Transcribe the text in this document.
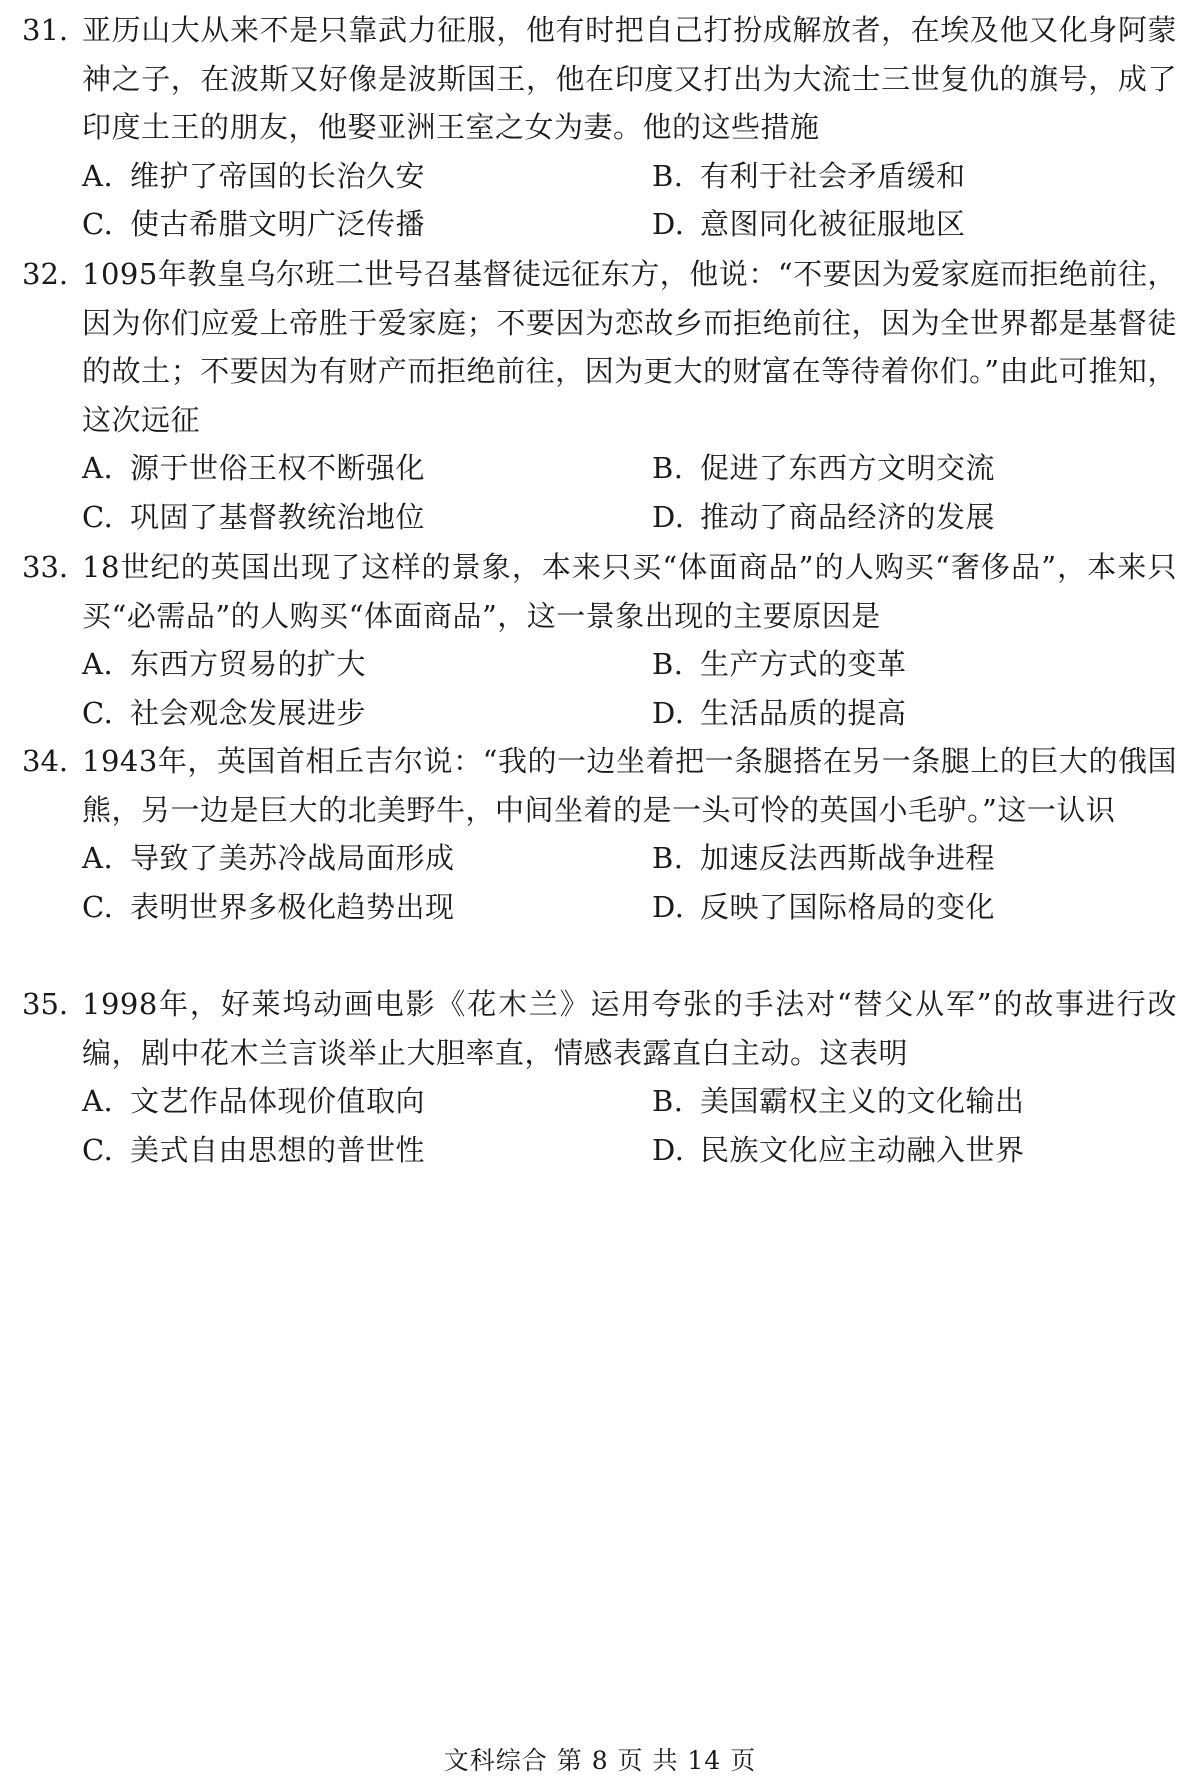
31. 亚历山大从来不是只靠武力征服，他有时把自己打扮成解放者，在埃及他又化身阿蒙神之子，在波斯又好像是波斯国王，他在印度又打出为大流士三世复仇的旗号，成了印度土王的朋友，他娶亚洲王室之女为妻。他的这些措施
A. 维护了帝国的长治久安	B. 有利于社会矛盾缓和
C. 使古希腊文明广泛传播	D. 意图同化被征服地区
32. 1095年教皇乌尔班二世号召基督徒远征东方，他说：“不要因为爱家庭而拒绝前往，因为你们应爱上帝胜于爱家庭；不要因为恋故乡而拒绝前往，因为全世界都是基督徒的故土；不要因为有财产而拒绝前往，因为更大的财富在等待着你们。”由此可推知，这次远征
A. 源于世俗王权不断强化	B. 促进了东西方文明交流
C. 巩固了基督教统治地位	D. 推动了商品经济的发展
33. 18世纪的英国出现了这样的景象，本来只买“体面商品”的人购买“奢侈品”，本来只买“必需品”的人购买“体面商品”，这一景象出现的主要原因是
A. 东西方贸易的扩大	B. 生产方式的变革
C. 社会观念发展进步	D. 生活品质的提高
34. 1943年，英国首相丘吉尔说：“我的一边坐着把一条腿搭在另一条腿上的巨大的俄国熊，另一边是巨大的北美野牛，中间坐着的是一头可怜的英国小毛驴。”这一认识
A. 导致了美苏冷战局面形成	B. 加速反法西斯战争进程
C. 表明世界多极化趋势出现	D. 反映了国际格局的变化
35. 1998年，好莱坞动画电影《花木兰》运用夸张的手法对“替父从军”的故事进行改编，剧中花木兰言谈举止大胆率直，情感表露直白主动。这表明
A. 文艺作品体现价值取向	B. 美国霸权主义的文化输出
C. 美式自由思想的普世性	D. 民族文化应主动融入世界
文科综合 第 8 页 共 14 页
